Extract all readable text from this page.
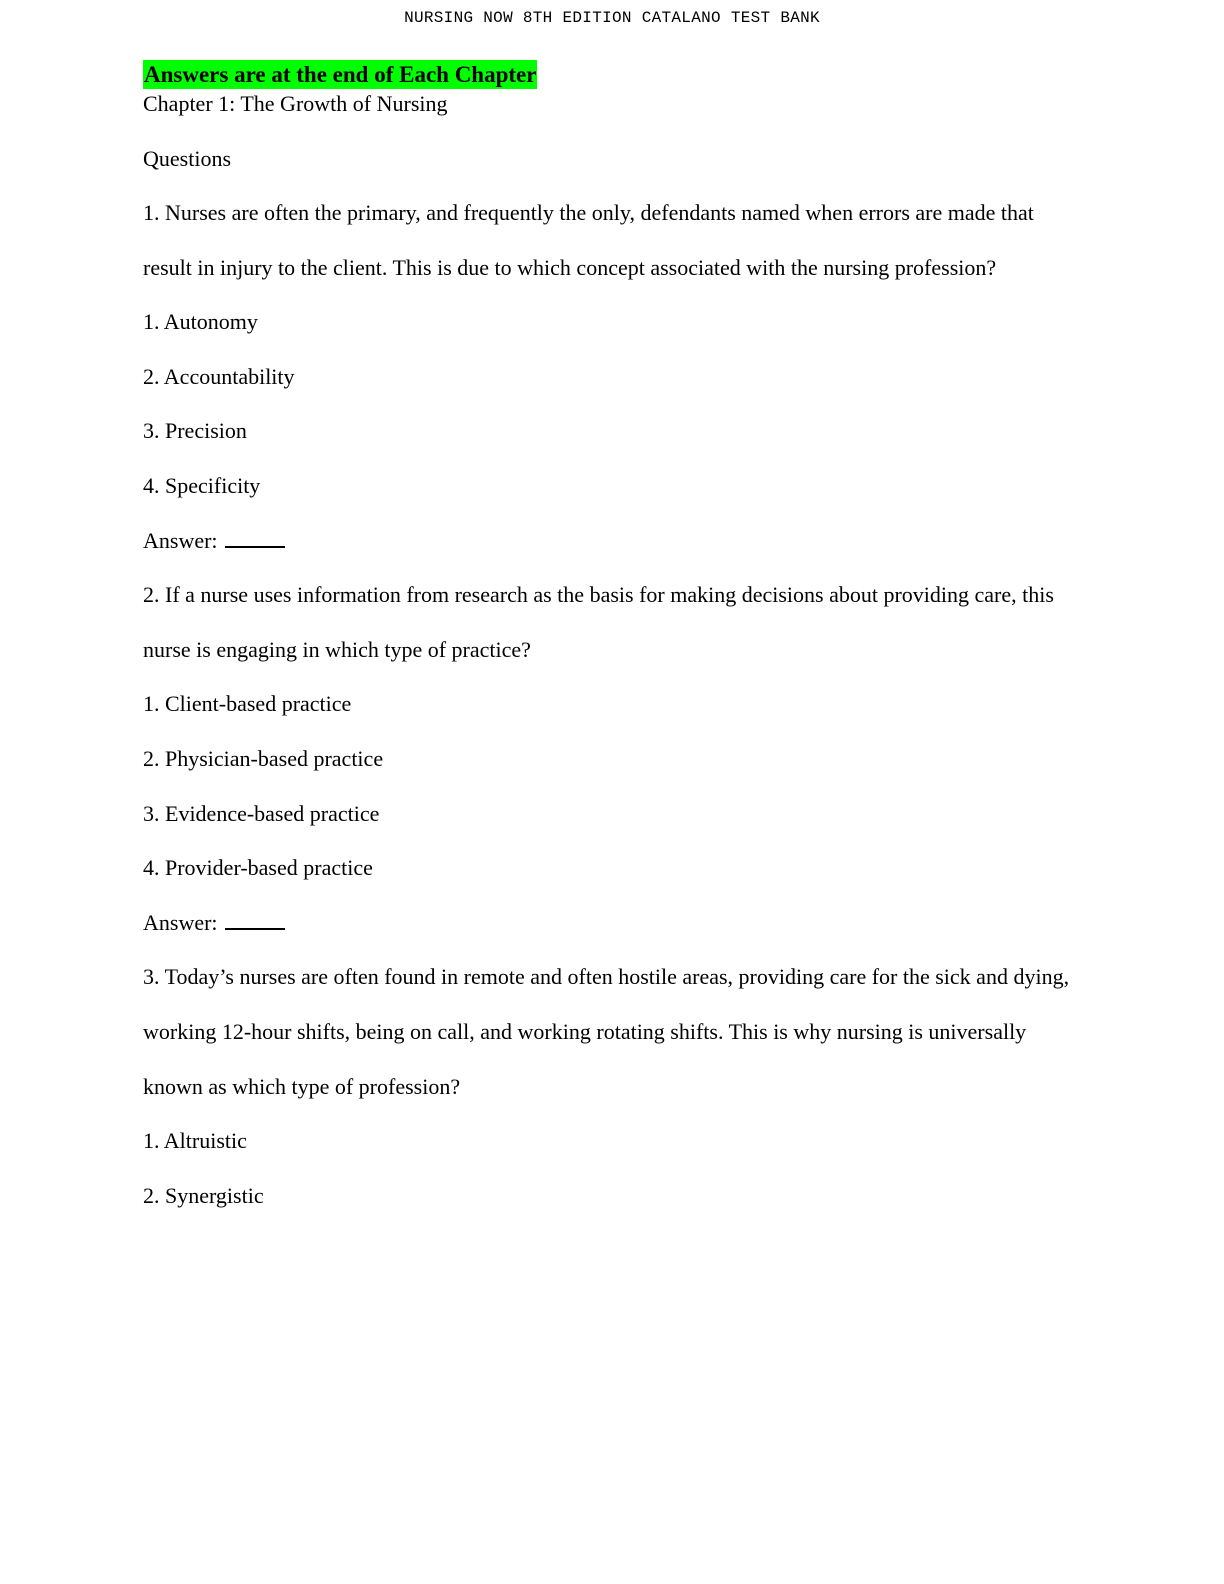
NURSING NOW 8TH EDITION CATALANO TEST BANK
Answers are at the end of Each Chapter
Chapter 1: The Growth of Nursing
Questions
1. Nurses are often the primary, and frequently the only, defendants named when errors are made that result in injury to the client. This is due to which concept associated with the nursing profession?
1. Autonomy
2. Accountability
3. Precision
4. Specificity
Answer:
2. If a nurse uses information from research as the basis for making decisions about providing care, this nurse is engaging in which type of practice?
1. Client-based practice
2. Physician-based practice
3. Evidence-based practice
4. Provider-based practice
Answer:
3. Today’s nurses are often found in remote and often hostile areas, providing care for the sick and dying, working 12-hour shifts, being on call, and working rotating shifts. This is why nursing is universally known as which type of profession?
1. Altruistic
2. Synergistic
